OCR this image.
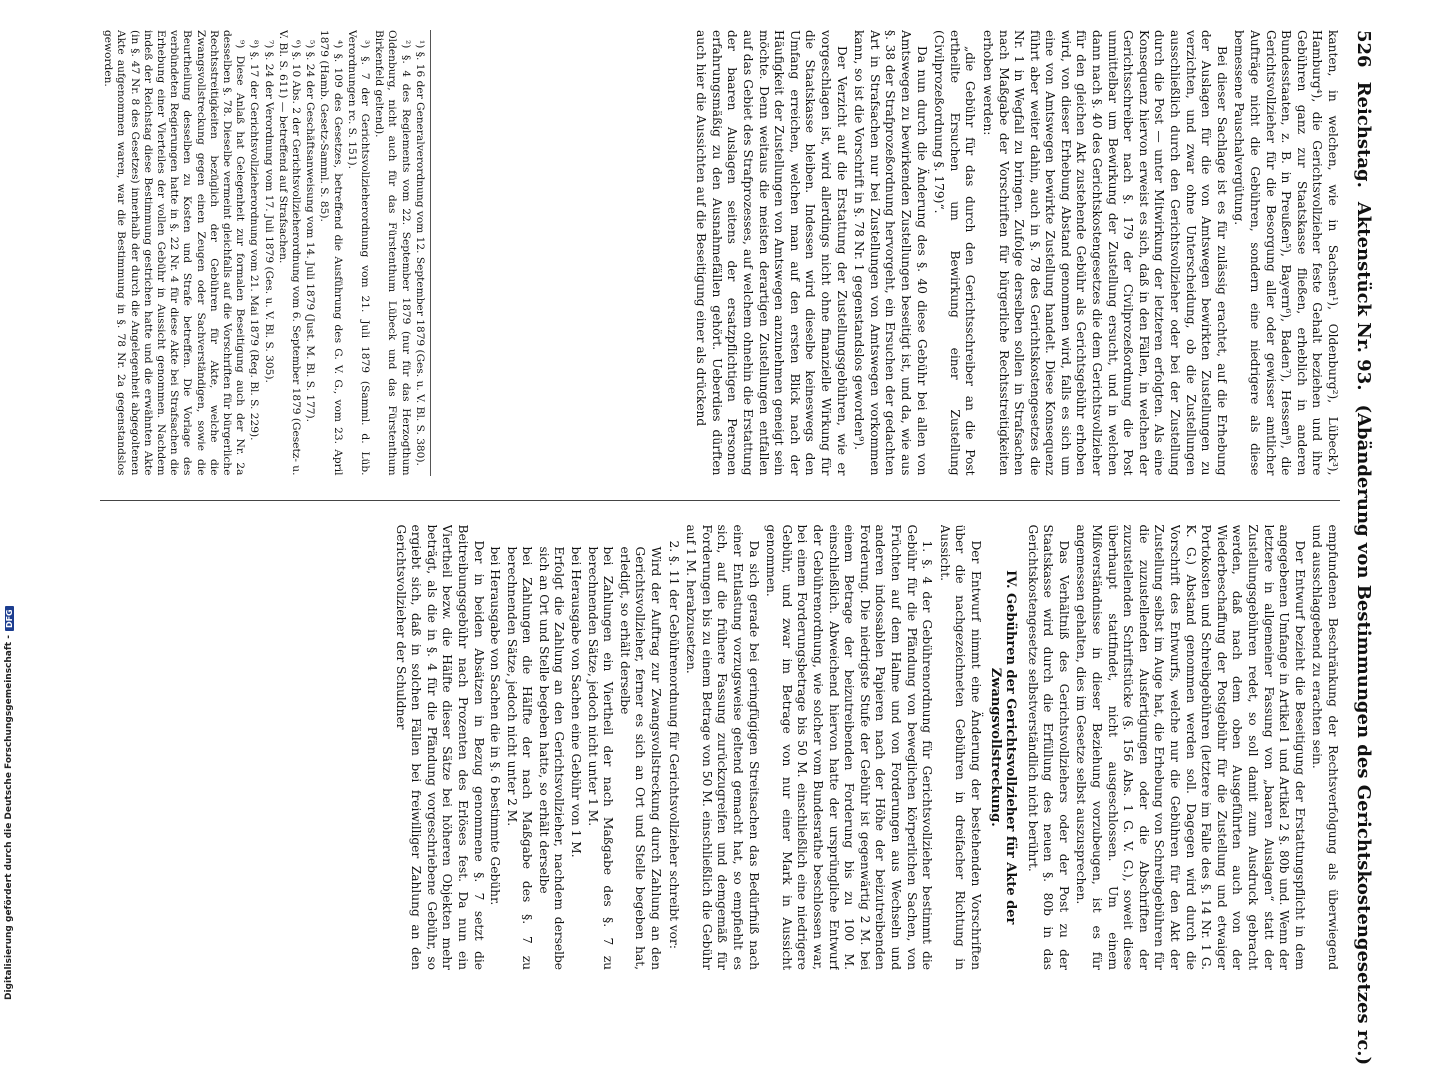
526
Reichstag.
Aktenstück Nr. 93.
(Abänderung von Bestimmungen des Gerichtskostengesetzes rc.)

kanten, in welchen, wie in Sachsen¹), Oldenburg²), Lübeck³), Hamburg⁴), die Gerichtsvollzieher feste Gehalt beziehen und ihre Gebühren ganz zur Staatskasse fließen, erheblich in anderen Bundesstaaten, z. B. in Preußen⁵), Bayern⁶), Baden⁷), Hessen⁸), die Gerichtsvollzieher für die Besorgung aller oder gewisser amtlicher Aufträge nicht die Gebühren, sondern eine niedrigere als diese bemessene Pauschalvergütung.

Bei dieser Sachlage ist es für zulässig erachtet, auf die Erhebung der Auslagen für die von Amtswegen bewirkten Zustellungen zu verzichten, und zwar ohne Unterscheidung, ob die Zustellungen ausschließlich durch den Gerichtsvollzieher oder bei der Zustellung durch die Post — unter Mitwirkung der letzteren erfolgten. Als eine Konsequenz hiervon erweist es sich, daß in den Fällen, in welchen der Gerichtsschreiber nach §. 179 der Civilprozeßordnung die Post unmittelbar um Bewirkung der Zustellung ersucht, und in welchen dann nach §. 40 des Gerichtskostengesetzes die dem Gerichtsvollzieher für den gleichen Akt zustehende Gebühr als Gerichtsgebühr erhoben wird, von dieser Erhebung Abstand genommen wird, falls es sich um eine von Amtswegen bewirkte Zustellung handelt. Diese Konsequenz führt aber weiter dahin, auch in §. 78 des Gerichtskostengesetzes die Nr. 1 in Wegfall zu bringen. Zufolge derselben sollen in Strafsachen nach Maßgabe der Vorschriften für bürgerliche Rechtsstreitigkeiten erhoben werden:

„die Gebühr für das durch den Gerichtsschreiber an die Post ertheilte Ersuchen um Bewirkung einer Zustellung (Civilprozeßordnung §. 179)“.

Da nun durch die Änderung des §. 40 diese Gebühr bei allen von Amtswegen zu bewirkenden Zustellungen beseitigt ist, und da, wie aus §. 38 der Strafprozeßordnung hervorgeht, ein Ersuchen der gedachten Art in Strafsachen nur bei Zustellungen von Amtswegen vorkommen kann, so ist die Vorschrift in §. 78 Nr. 1 gegenstandslos geworden⁹).

Der Verzicht auf die Erstattung der Zustellungsgebühren, wie er vorgeschlagen ist, wird allerdings nicht ohne finanzielle Wirkung für die Staatskasse bleiben. Indessen wird dieselbe keineswegs den Umfang erreichen, welchen man auf den ersten Blick nach der Häufigkeit der Zustellungen von Amtswegen anzunehmen geneigt sein möchte. Denn weitaus die meisten derartigen Zustellungen entfallen auf das Gebiet des Strafprozesses, auf welchem ohnehin die Erstattung der baaren Auslagen seitens der ersatzpflichtigen Personen erfahrungsmäßig zu den Ausnahmefällen gehört. Ueberdies dürften auch hier die Aussichten auf die Beseitigung einer als drückend

¹) §. 16 der Generalverordnung vom 12. September 1879 (Ges. u. V. Bl. S. 380).

²) §. 4 des Reglements vom 22. September 1879 (nur für das Herzogthum Oldenburg, nicht auch für das Fürstenthum Lübeck und das Fürstenthum Birkenfeld geltend).

³) §. 7 der Gerichtsvollzieherordnung vom 21. Juli 1879 (Samml. d. Lüb. Verordnungen rc. S. 151).

⁴) §. 109 des Gesetzes, betreffend die Ausführung des G. V. G., vom 23. April 1879 (Hamb. Gesetz-Samml. S. 85).

⁵) §. 24 der Geschäftsanweisung vom 14. Juli 1879 (Just. M. Bl. S. 177).

⁶) §. 10 Abs. 2 der Gerichtsvollzieherordnung vom 6. September 1879 (Gesetz- u. V. Bl. S. 611) — betreffend auf Strafsachen.

⁷) §. 24 der Verordnung vom 17. Juli 1879 (Ges. u. V. Bl. S. 305).

⁸) §. 17 der Gerichtsvollzieherordnung vom 21. Mai 1879 (Reg. Bl. S. 229).

⁹) Diese Anlaß hat Gelegenheit zur formalen Beseitigung auch der Nr. 2a desselben §. 78. Dieselbe vermeint gleichfalls auf die Vorschriften für bürgerliche Rechtsstreitigkeiten bezüglich der Gebühren für Akte, welche die Zwangsvollstreckung gegen einen Zeugen oder Sachverständigen, sowie die Beurtheilung desselben zu Kosten und Strafe betreffen. Die Vorlage des verbündeten Regierungen hatte in §. 22 Nr. 4 für diese Akte bei Strafsachen die Erhebung einer Vierteiles der vollen Gebühr in Aussicht genommen. Nachdem indeß der Reichstag diese Bestimmung gestrichen hatte und die erwähnten Akte (in §. 47 Nr. 8 des Gesetzes) innerhalb der durch die Angelegenheit abgegoltenen Akte aufgenommen waren, war die Bestimmung in §. 78 Nr. 2a gegenstandslos geworden.

empfundenen Beschränkung der Rechtsverfolgung als überwiegend und ausschlaggebend zu erachten sein.

Der Entwurf bezieht die Beseitigung der Erstattungspflicht in dem angegebenen Umfange in Artikel 1 und Artikel 2 §. 80b und. Wenn der letztere in allgemeiner Fassung von „baaren Auslagen“ statt der Zustellungsgebühren redet, so soll damit zum Ausdruck gebracht werden, daß nach dem oben Ausgeführten auch von der Wiederbeschaffung der Postgebühr für die Zustellung und etwaiger Portokosten und Schreibgebühren (letztere im Falle des §. 14 Nr. 1 G. K. G.) Abstand genommen werden soll. Dagegen wird durch die Vorschrift des Entwurfs, welche nur die Gebühren für den Akt der Zustellung selbst im Auge hat, die Erhebung von Schreibgebühren für die zuzustellenden Ausfertigungen oder die Abschriften der zuzustellenden Schriftstücke (§. 156 Abs. 1 G. V. G.), soweit diese überhaupt stattfindet, nicht ausgeschlossen. Um einem Mißverständnisse in dieser Beziehung vorzubeugen, ist es für angemessen gehalten, dies im Gesetze selbst auszusprechen.

Das Verhältniß des Gerichtsvollziehers oder der Post zu der Staatskasse wird durch die Erfüllung des neuen §. 80b in das Gerichtskostengesetze selbstverständlich nicht berührt.

IV. Gebühren der Gerichtsvollzieher für Akte der Zwangsvollstreckung.

Der Entwurf nimmt eine Änderung der bestehenden Vorschriften über die nachgezeichneten Gebühren in dreifacher Richtung in Aussicht.

1. §. 4 der Gebührenordnung für Gerichtsvollzieher bestimmt die Gebühr für die Pfändung von beweglichen körperlichen Sachen, von Früchten auf dem Halme und von Forderungen aus Wechseln und anderen indossablen Papieren nach der Höhe der beizutreibenden Forderung. Die niedrigste Stufe der Gebühr ist gegenwärtig 2 M. bei einem Betrage der beizutreibenden Forderung bis zu 100 M. einschließlich. Abweichend hiervon hatte der ursprüngliche Entwurf der Gebührenordnung, wie solcher vom Bundesrathe beschlossen war, bei einem Forderungsbetrage bis 50 M. einschließlich eine niedrigere Gebühr, und zwar im Betrage von nur einer Mark in Aussicht genommen.

Da sich gerade bei geringfügigen Streitsachen das Bedürfniß nach einer Entlastung vorzugsweise geltend gemacht hat, so empfiehlt es sich, auf die frühere Fassung zurückzugreifen und demgemäß für Forderungen bis zu einem Betrage von 50 M. einschließlich die Gebühr auf 1 M. herabzusetzen.

2. §. 11 der Gebührenordnung für Gerichtsvollzieher schreibt vor:

Wird der Auftrag zur Zwangsvollstreckung durch Zahlung an den Gerichtsvollzieher, ferner es sich an Ort und Stelle begeben hat, erledigt, so erhält derselbe

bei Zahlungen ein Viertheil der nach Maßgabe des §. 7 zu berechnenden Sätze, jedoch nicht unter 1 M.

bei Herausgabe von Sachen eine Gebühr von 1 M.

Erfolgt die Zahlung an den Gerichtsvollzieher, nachdem derselbe sich an Ort und Stelle begeben hatte, so erhält derselbe

bei Zahlungen die Hälfte der nach Maßgabe des §. 7 zu berechnenden Sätze, jedoch nicht unter 2 M.

bei Herausgabe von Sachen die in §. 6 bestimmte Gebühr.

Der in beiden Absätzen in Bezug genommene §. 7 setzt die Beitreibungsgebühr nach Prozenten des Erlöses fest. Da nun ein Viertheil bezw. die Hälfte dieser Sätze bei höheren Objekten mehr beträgt, als die in §. 4 für die Pfändung vorgeschriebene Gebühr, so ergiebt sich, daß in solchen Fällen bei freiwilliger Zahlung an den Gerichtsvollzieher der Schuldner

Digitalisierung gefördert durch die Deutsche Forschungsgemeinschaft -
DFG
